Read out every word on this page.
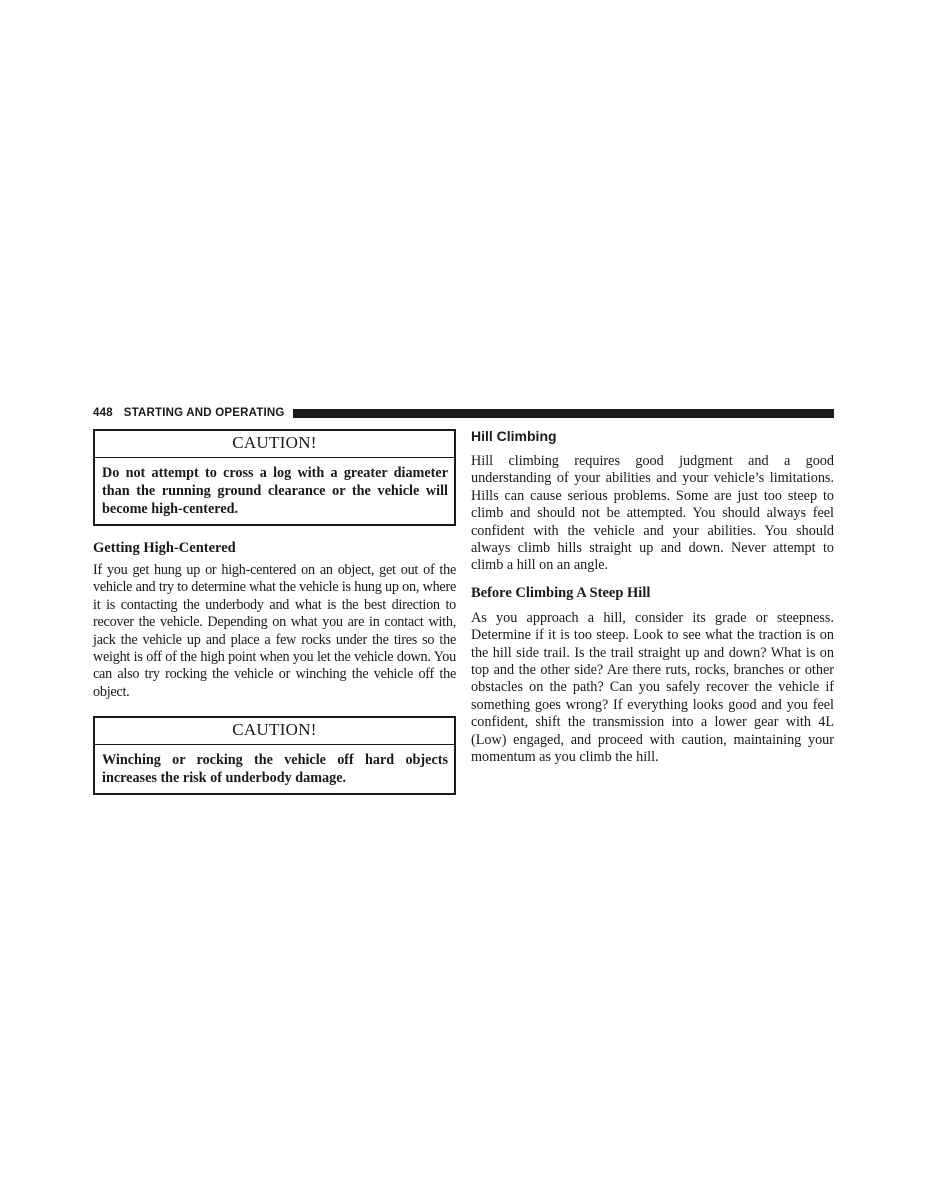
448 STARTING AND OPERATING
CAUTION!
Do not attempt to cross a log with a greater diameter than the running ground clearance or the vehicle will become high-centered.
Getting High-Centered

If you get hung up or high-centered on an object, get out of the vehicle and try to determine what the vehicle is hung up on, where it is contacting the underbody and what is the best direction to recover the vehicle. Depending on what you are in contact with, jack the vehicle up and place a few rocks under the tires so the weight is off of the high point when you let the vehicle down. You can also try rocking the vehicle or winching the vehicle off the object.

CAUTION!
Winching or rocking the vehicle off hard objects increases the risk of underbody damage.
Hill Climbing

Hill climbing requires good judgment and a good understanding of your abilities and your vehicle’s limitations. Hills can cause serious problems. Some are just too steep to climb and should not be attempted. You should always feel confident with the vehicle and your abilities. You should always climb hills straight up and down. Never attempt to climb a hill on an angle.

Before Climbing A Steep Hill

As you approach a hill, consider its grade or steepness. Determine if it is too steep. Look to see what the traction is on the hill side trail. Is the trail straight up and down? What is on top and the other side? Are there ruts, rocks, branches or other obstacles on the path? Can you safely recover the vehicle if something goes wrong? If everything looks good and you feel confident, shift the transmission into a lower gear with 4L (Low) engaged, and proceed with caution, maintaining your momentum as you climb the hill.
